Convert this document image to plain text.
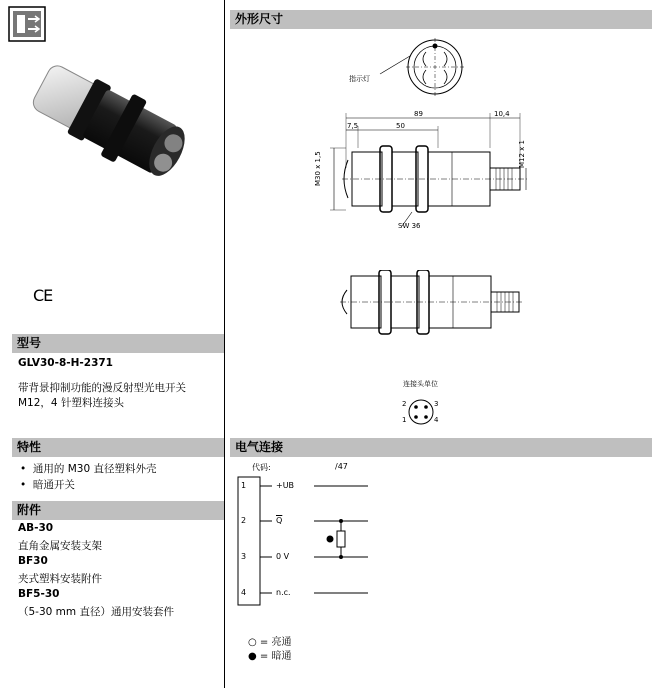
CE
型号
GLV30-8-H-2371
带背景抑制功能的漫反射型光电开关
M12，4 针塑料连接头
特性
•  通用的 M30 直径塑料外壳
•  暗通开关
附件
AB-30
直角金属安装支架
BF30
夹式塑料安装附件
BF5-30
（5-30 mm 直径）通用安装套件
外形尺寸
指示灯
89	10,4
7,5	50
M30 x 1,5	M12 x 1
SW 36
连接头单位
2	3
1	4
电气连接
代码:	/47
1	+UB
2	$\overline{Q}$
3	0 V
4	n.c.
○ = 亮通
● = 暗通
